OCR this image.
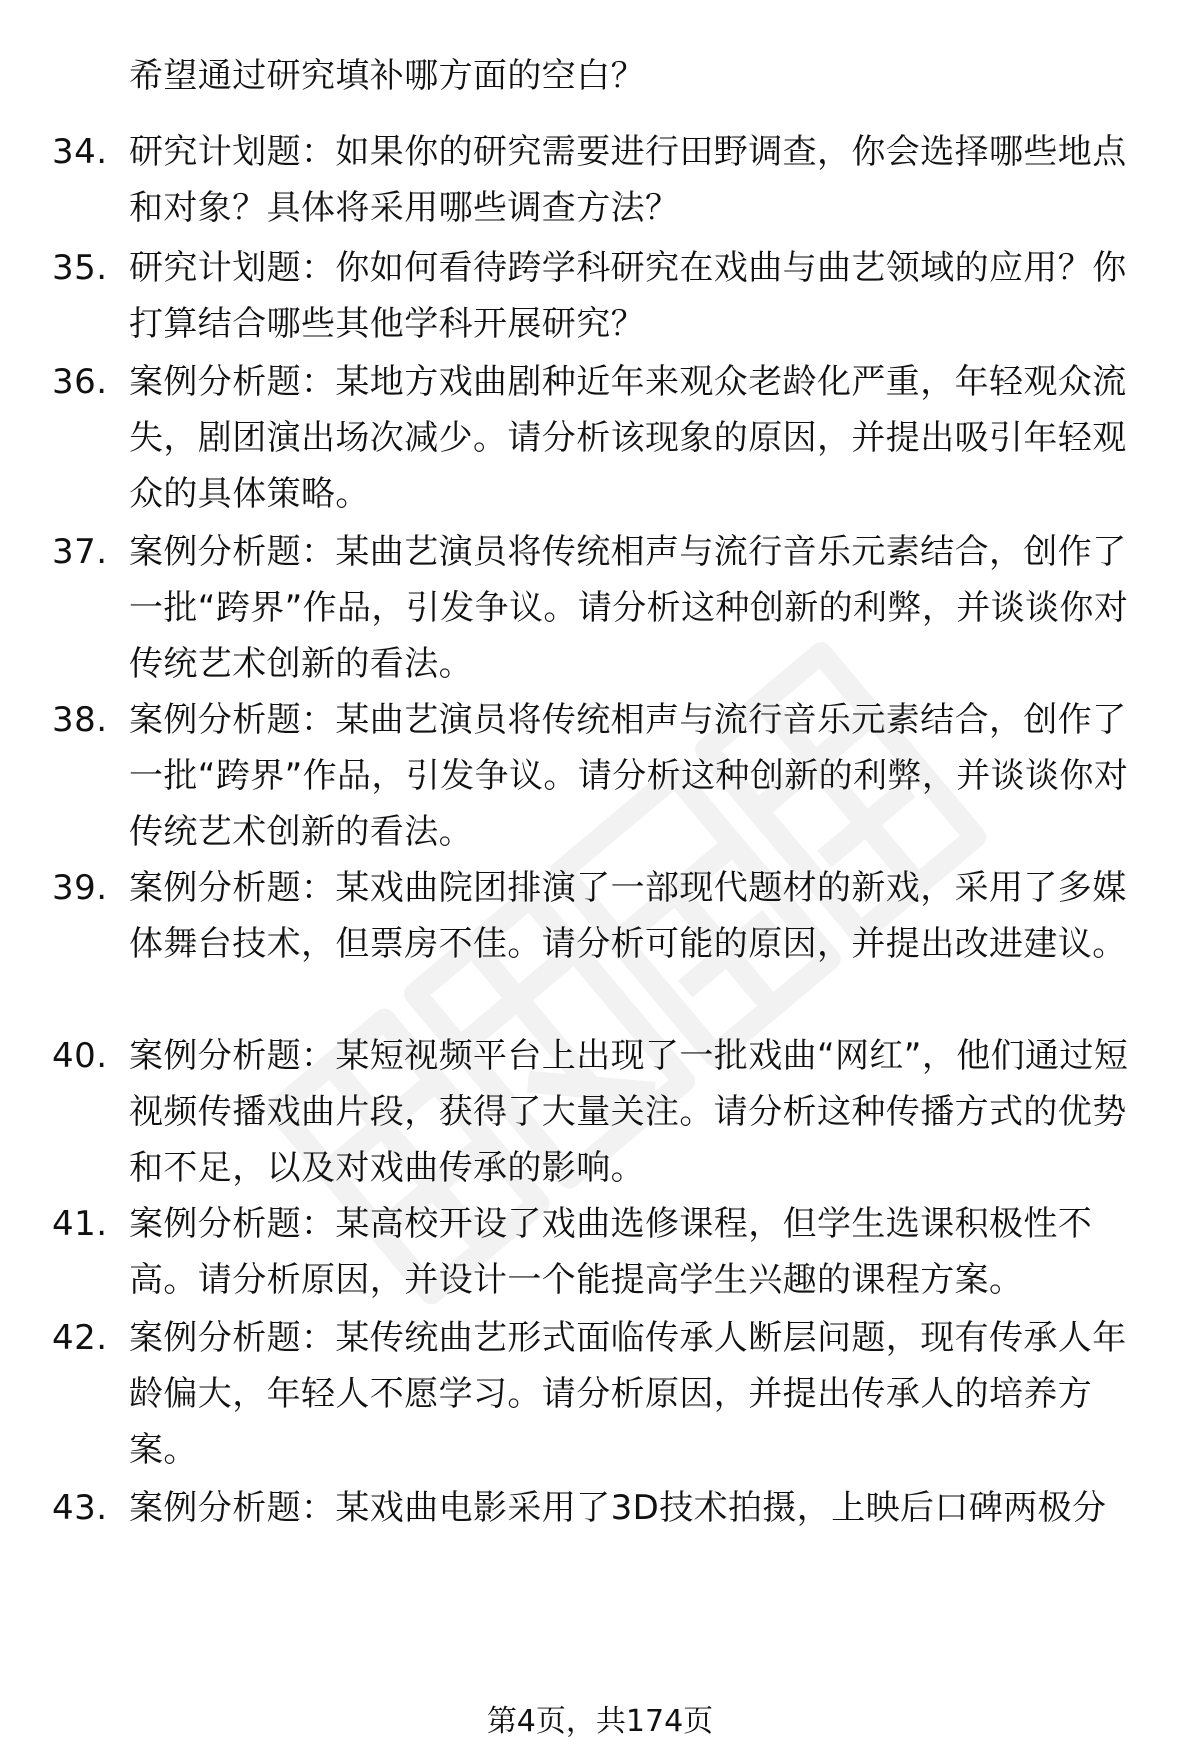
希望通过研究填补哪方面的空白？
34. 研究计划题：如果你的研究需要进行田野调查，你会选择哪些地点和对象？具体将采用哪些调查方法？
35. 研究计划题：你如何看待跨学科研究在戏曲与曲艺领域的应用？你打算结合哪些其他学科开展研究？
36. 案例分析题：某地方戏曲剧种近年来观众老龄化严重，年轻观众流失，剧团演出场次减少。请分析该现象的原因，并提出吸引年轻观众的具体策略。
37. 案例分析题：某曲艺演员将传统相声与流行音乐元素结合，创作了一批“跨界”作品，引发争议。请分析这种创新的利弊，并谈谈你对传统艺术创新的看法。
38. 案例分析题：某曲艺演员将传统相声与流行音乐元素结合，创作了一批“跨界”作品，引发争议。请分析这种创新的利弊，并谈谈你对传统艺术创新的看法。
39. 案例分析题：某戏曲院团排演了一部现代题材的新戏，采用了多媒体舞台技术，但票房不佳。请分析可能的原因，并提出改进建议。
40. 案例分析题：某短视频平台上出现了一批戏曲“网红”，他们通过短视频传播戏曲片段，获得了大量关注。请分析这种传播方式的优势和不足，以及对戏曲传承的影响。
41. 案例分析题：某高校开设了戏曲选修课程，但学生选课积极性不高。请分析原因，并设计一个能提高学生兴趣的课程方案。
42. 案例分析题：某传统曲艺形式面临传承人断层问题，现有传承人年龄偏大，年轻人不愿学习。请分析原因，并提出传承人的培养方案。
43. 案例分析题：某戏曲电影采用了3D技术拍摄，上映后口碑两极分
第4页，共174页
